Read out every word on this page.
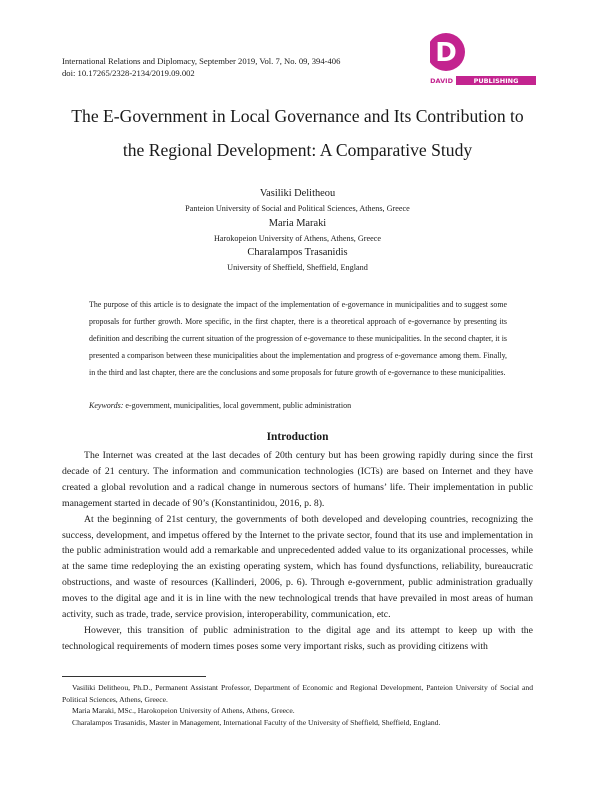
International Relations and Diplomacy, September 2019, Vol. 7, No. 09, 394-406
doi: 10.17265/2328-2134/2019.09.002
D
DAVID	PUBLISHING
The E-Government in Local Governance and Its Contribution to
the Regional Development: A Comparative Study
Vasiliki Delitheou
Panteion University of Social and Political Sciences, Athens, Greece
Maria Maraki
Harokopeion University of Athens, Athens, Greece
Charalampos Trasanidis
University of Sheffield, Sheffield, England
The purpose of this article is to designate the impact of the implementation of e-governance in municipalities and to suggest some proposals for further growth. More specific, in the first chapter, there is a theoretical approach of e-governance by presenting its definition and describing the current situation of the progression of e-governance to these municipalities. In the second chapter, it is presented a comparison between these municipalities about the implementation and progress of e-governance among them. Finally, in the third and last chapter, there are the conclusions and some proposals for future growth of e-governance to these municipalities.
Keywords: e-government, municipalities, local government, public administration
Introduction

The Internet was created at the last decades of 20th century but has been growing rapidly during since the first decade of 21 century. The information and communication technologies (ICTs) are based on Internet and they have created a global revolution and a radical change in numerous sectors of humans’ life. Their implementation in public management started in decade of 90’s (Konstantinidou, 2016, p. 8).

At the beginning of 21st century, the governments of both developed and developing countries, recognizing the success, development, and impetus offered by the Internet to the private sector, found that its use and implementation in the public administration would add a remarkable and unprecedented added value to its organizational processes, while at the same time redeploying the an existing operating system, which has found dysfunctions, reliability, bureaucratic obstructions, and waste of resources (Kallinderi, 2006, p. 6). Through e-government, public administration gradually moves to the digital age and it is in line with the new technological trends that have prevailed in most areas of human activity, such as trade, trade, service provision, interoperability, communication, etc.

However, this transition of public administration to the digital age and its attempt to keep up with the technological requirements of modern times poses some very important risks, such as providing citizens with

Vasiliki Delitheou, Ph.D., Permanent Assistant Professor, Department of Economic and Regional Development, Panteion University of Social and Political Sciences, Athens, Greece.

Maria Maraki, MSc., Harokopeion University of Athens, Athens, Greece.

Charalampos Trasanidis, Master in Management, International Faculty of the University of Sheffield, Sheffield, England.
